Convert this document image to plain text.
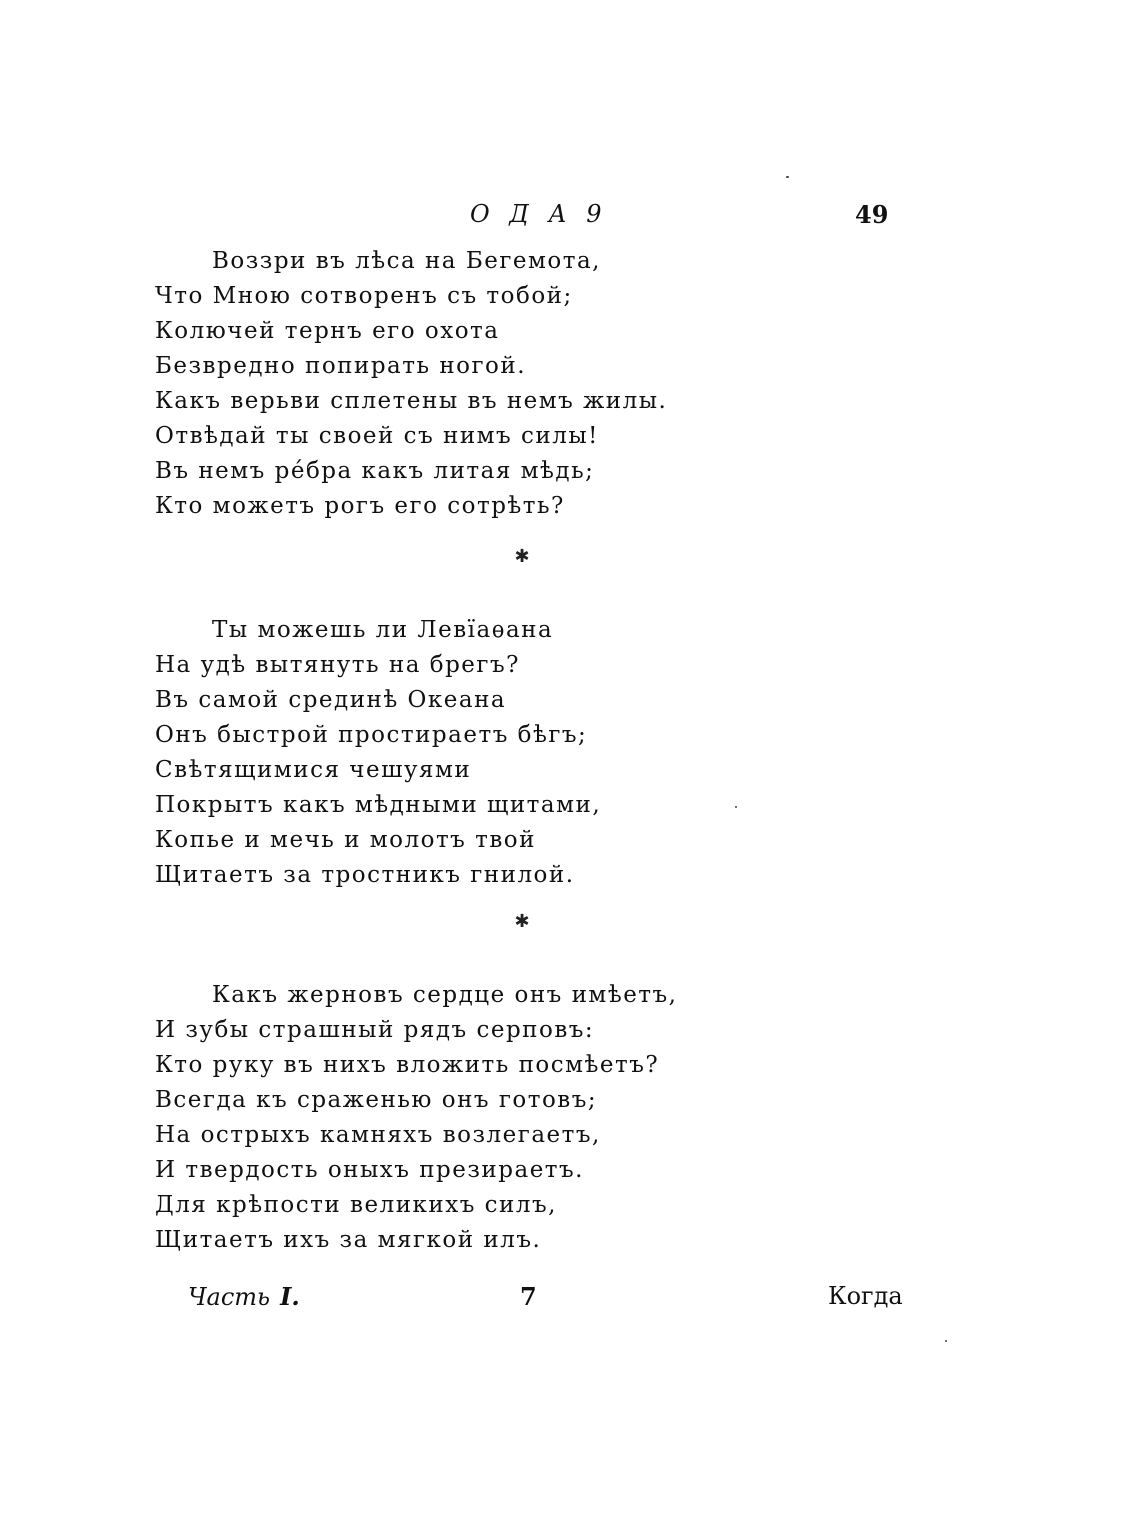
О Д А 9	49
Воззри въ лѣса на Бегемота,
Что Мною сотворенъ съ тобой;
Колючей тернъ его охота
Безвредно попирать ногой.
Какъ верьви сплетены въ немъ жилы.
Отвѣдай ты своей съ нимъ силы!
Въ немъ ре́бра какъ литая мѣдь;
Кто можетъ рогъ его сотрѣть?
✱
Ты можешь ли Левїаѳана
На удѣ вытянуть на брегъ?
Въ самой срединѣ Океана
Онъ быстрой простираетъ бѣгъ;
Свѣтящимися чешуями
Покрытъ какъ мѣдными щитами,
Копье и мечь и молотъ твой
Щитаетъ за тростникъ гнилой.
✱
Какъ жерновъ сердце онъ имѣетъ,
И зубы страшный рядъ серповъ:
Кто руку въ нихъ вложить посмѣетъ?
Всегда къ сраженью онъ готовъ;
На острыхъ камняхъ возлегаетъ,
И твердость оныхъ презираетъ.
Для крѣпости великихъ силъ,
Щитаетъ ихъ за мягкой илъ.
Часть I.	7	Когда
